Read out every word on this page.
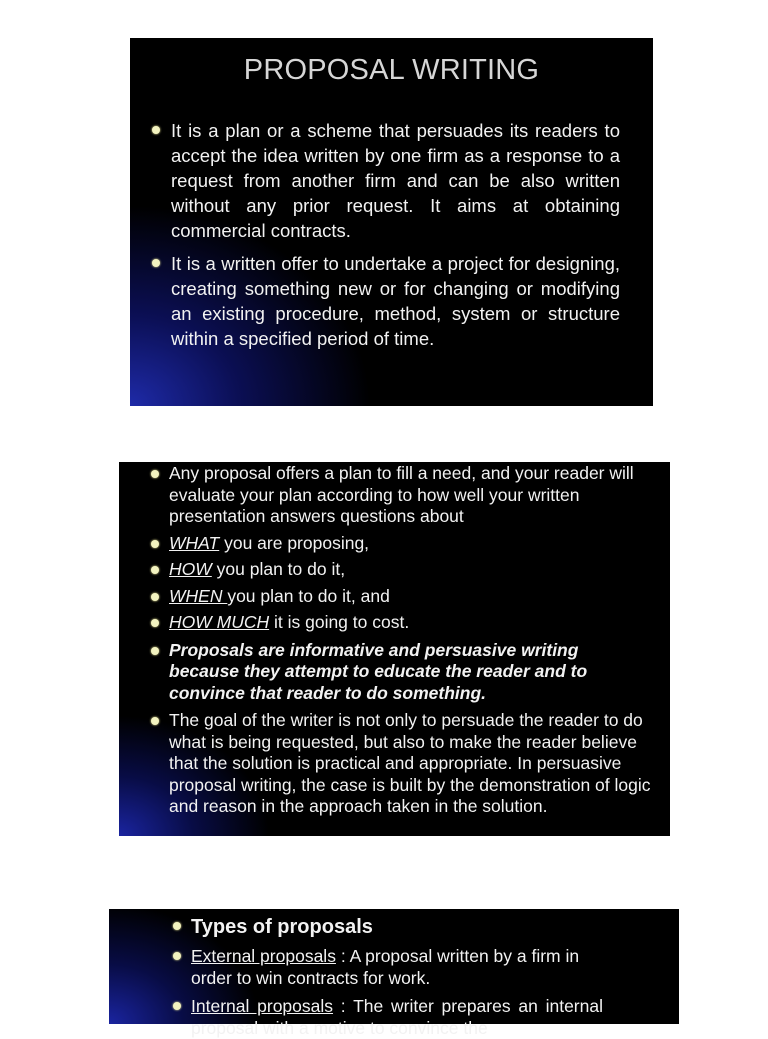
PROPOSAL WRITING
It is a plan or a scheme that persuades its readers to accept the idea written by one firm as a response to a request from another firm and can be also written without any prior request. It aims at obtaining commercial contracts.
It is a written offer to undertake a project for designing, creating something new or for changing or modifying an existing procedure, method, system or structure within a specified period of time.
Any proposal offers a plan to fill a need, and your reader will evaluate your plan according to how well your written presentation answers questions about
WHAT you are proposing,
HOW you plan to do it,
WHEN you plan to do it, and
HOW MUCH it is going to cost.
Proposals are informative and persuasive writing because they attempt to educate the reader and to convince that reader to do something.
The goal of the writer is not only to persuade the reader to do what is being requested, but also to make the reader believe that the solution is practical and appropriate. In persuasive proposal writing, the case is built by the demonstration of logic and reason in the approach taken in the solution.
Types of proposals
External proposals : A proposal written by a firm in order to win contracts for work.
Internal proposals : The writer prepares an internal proposal with a motive to convince the
